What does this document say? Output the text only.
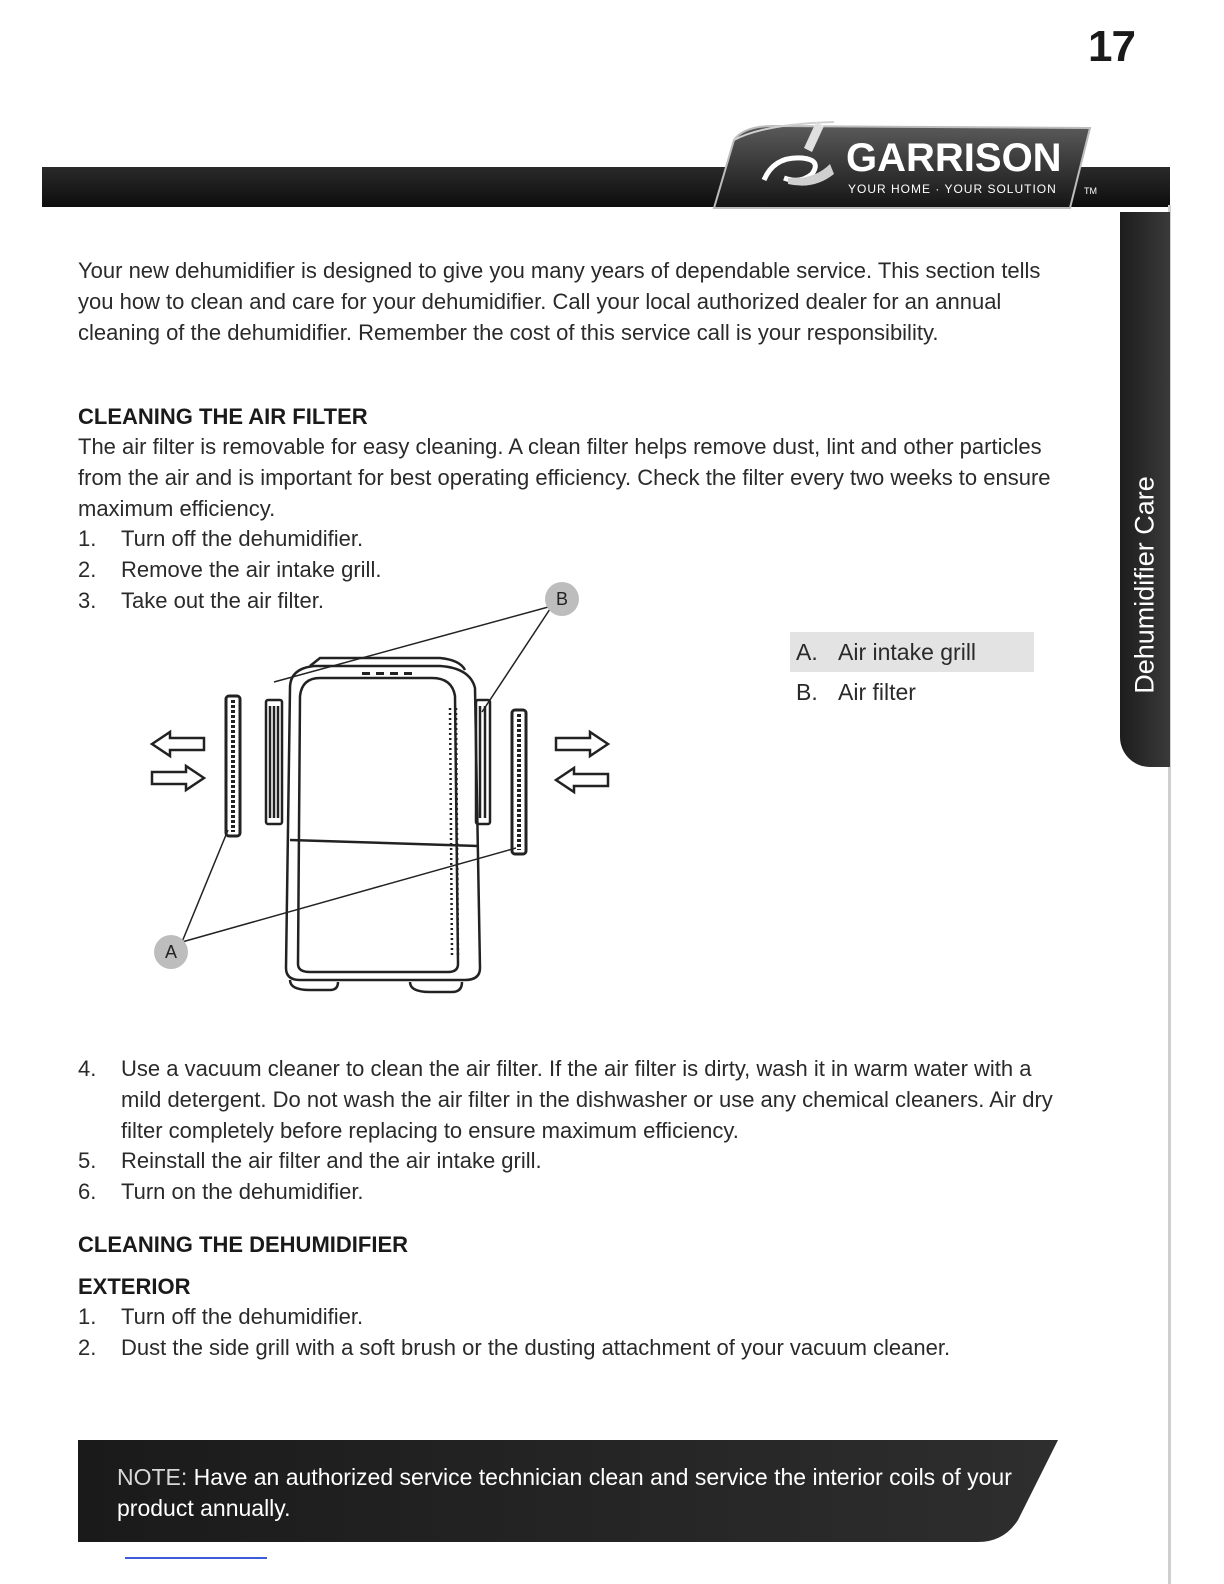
17
GARRISON
YOUR HOME · YOUR SOLUTION	TM
Dehumidifier Care

Your new dehumidifier is designed to give you many years of dependable service. This section tells you how to clean and care for your dehumidifier. Call your local authorized dealer for an annual cleaning of the dehumidifier. Remember the cost of this service call is your responsibility.

CLEANING THE AIR FILTER

The air filter is removable for easy cleaning. A clean filter helps remove dust, lint and other particles from the air and is important for best operating efficiency. Check the filter every two weeks to ensure maximum efficiency.

1. Turn off the dehumidifier.
2. Remove the air intake grill.
3. Take out the air filter.	B
A
A. Air intake grill
B. Air filter
4. Use a vacuum cleaner to clean the air filter. If the air filter is dirty, wash it in warm water with a mild detergent. Do not wash the air filter in the dishwasher or use any chemical cleaners. Air dry filter completely before replacing to ensure maximum efficiency.
5. Reinstall the air filter and the air intake grill.
6. Turn on the dehumidifier.
CLEANING THE DEHUMIDIFIER
EXTERIOR
1. Turn off the dehumidifier.
2. Dust the side grill with a soft brush or the dusting attachment of your vacuum cleaner.
NOTE: Have an authorized service technician clean and service the interior coils of your product annually.
